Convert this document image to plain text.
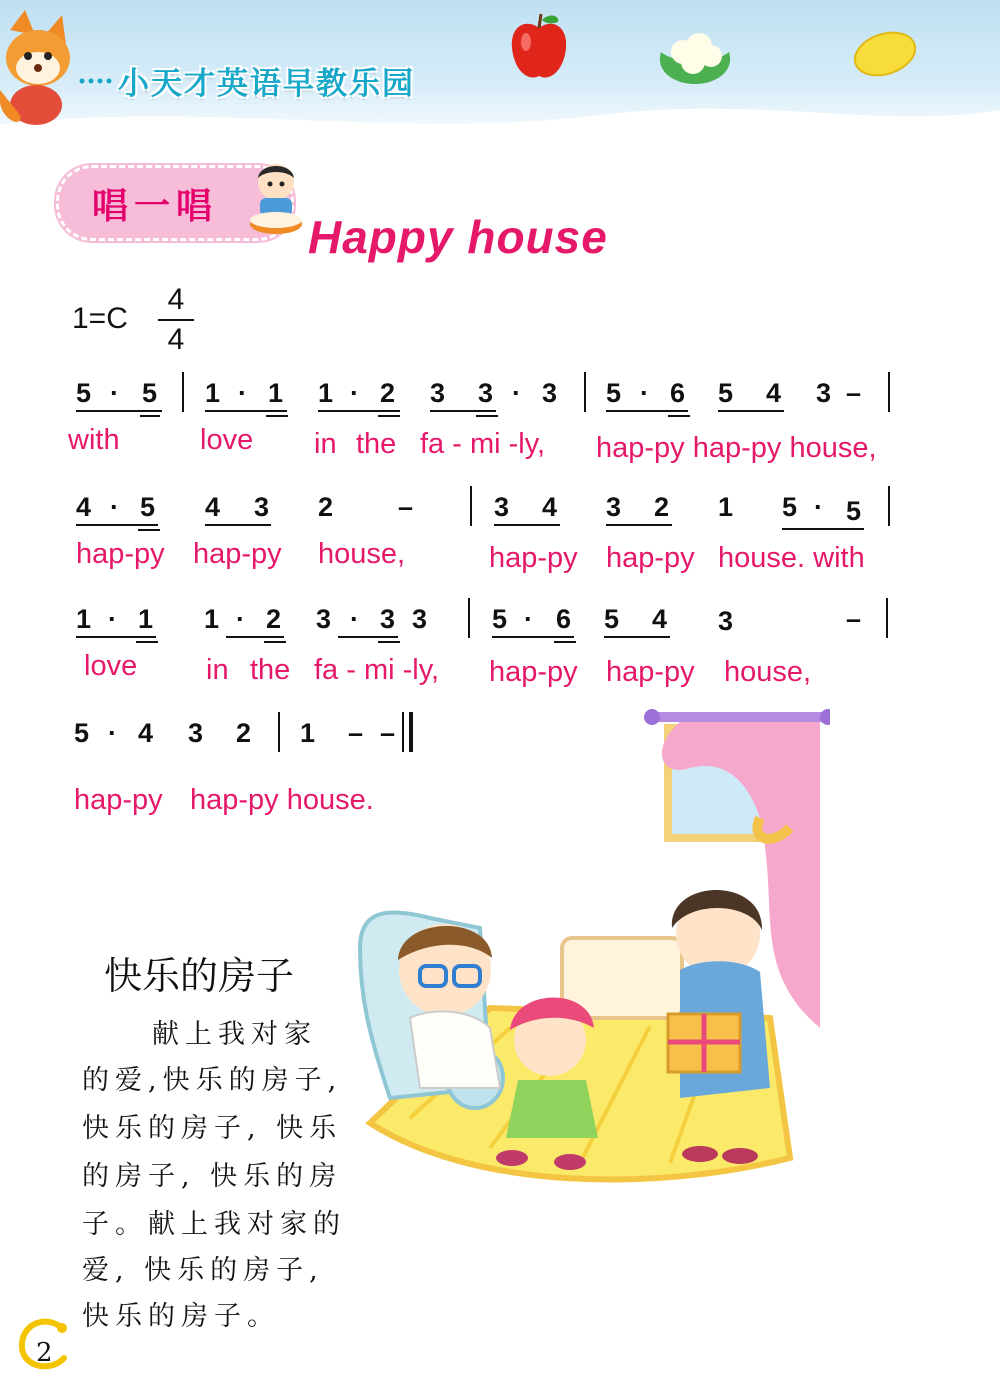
小天才英语早教乐园
唱一唱
Happy house
1=C
4
4
5 · 5 1 · 1 1 · 2 3 3 · 3 5 · 6 5 4 3 –
with	love in the fa - mi -ly, hap-py hap-py house,
4 · 5 4 3 2 –	3 4 3 2 1 5 · 5
hap-py hap-py house,	hap-py hap-py house. with
1 · 1 1 · 2 3 · 3 3 5 · 6 5 4 3	–
love in the fa - mi -ly, hap-py hap-py house,
5 · 4 3 2 1 – –
hap-py hap-py house.
快乐的房子
献上我对家
的爱,快乐的房子,
快乐的房子, 快乐
的房子, 快乐的房
子。献上我对家的
爱, 快乐的房子,
快乐的房子。
2
